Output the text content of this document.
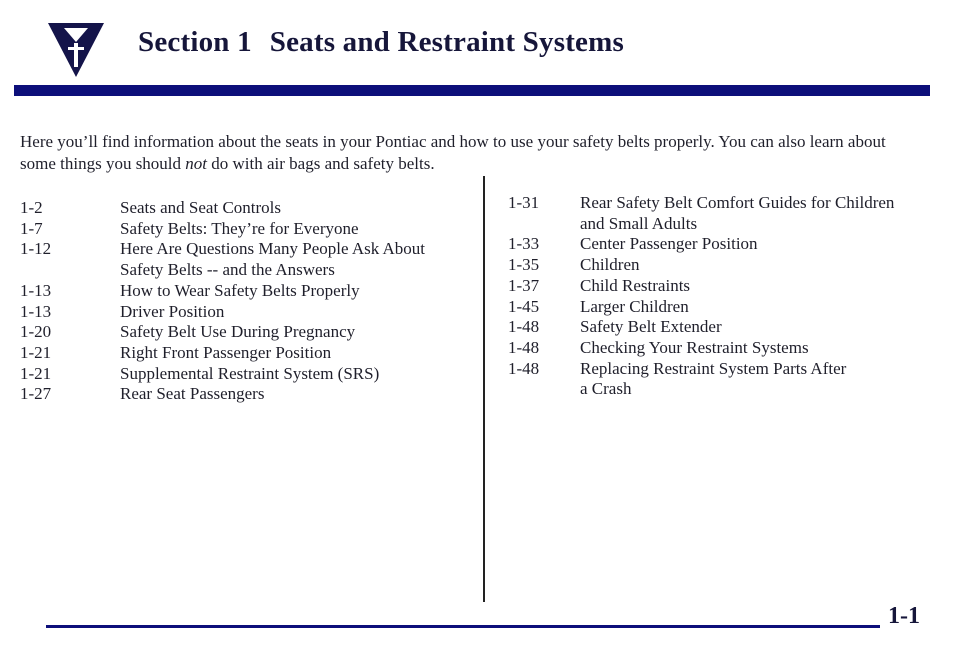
Section 1 Seats and Restraint Systems

Here you’ll find information about the seats in your Pontiac and how to use your safety belts properly. You can also learn about some things you should not do with air bags and safety belts.

1-2	Seats and Seat Controls
1-7	Safety Belts: They’re for Everyone
1-12	Here Are Questions Many People Ask About
Safety Belts -- and the Answers
1-13	How to Wear Safety Belts Properly
1-13	Driver Position
1-20	Safety Belt Use During Pregnancy
1-21	Right Front Passenger Position
1-21	Supplemental Restraint System (SRS)
1-27	Rear Seat Passengers
1-31	Rear Safety Belt Comfort Guides for Children
and Small Adults
1-33	Center Passenger Position
1-35	Children
1-37	Child Restraints
1-45	Larger Children
1-48	Safety Belt Extender
1-48	Checking Your Restraint Systems
1-48	Replacing Restraint System Parts After
a Crash
1-1
